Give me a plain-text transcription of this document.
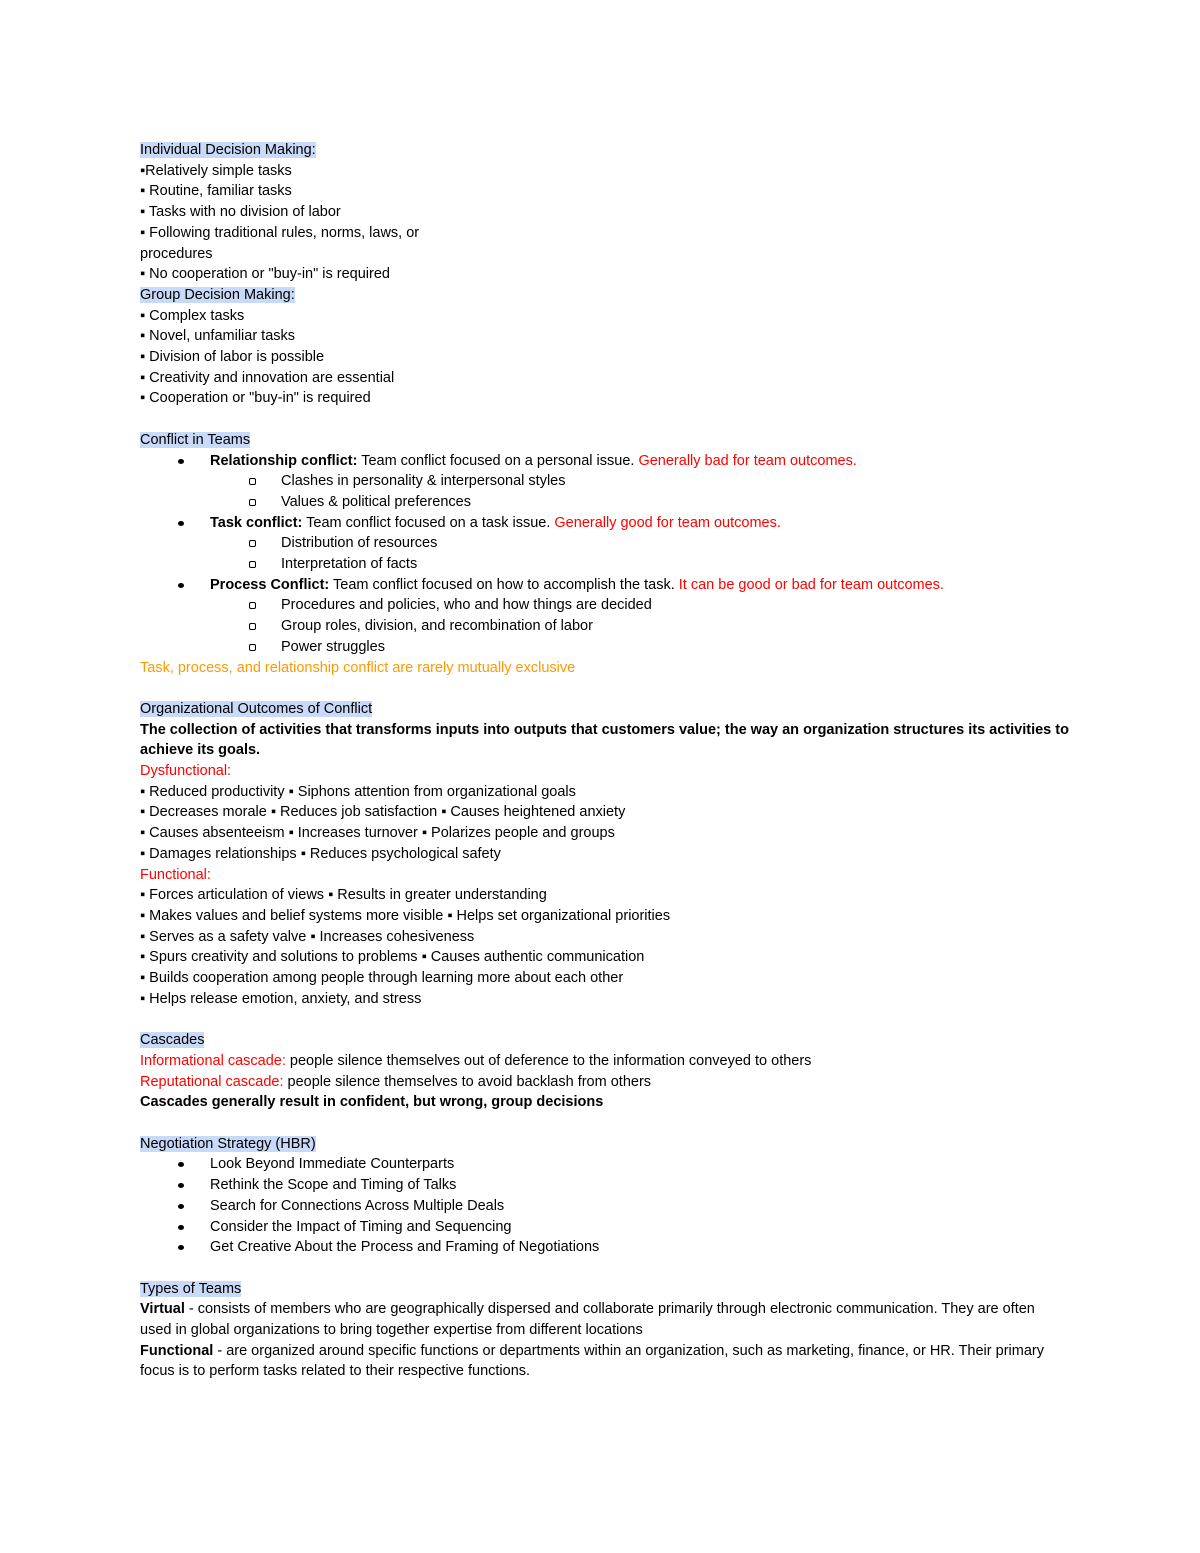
Individual Decision Making:
▪Relatively simple tasks
▪ Routine, familiar tasks
▪ Tasks with no division of labor
▪ Following traditional rules, norms, laws, or
procedures
▪ No cooperation or "buy-in" is required
Group Decision Making:
▪ Complex tasks
▪ Novel, unfamiliar tasks
▪ Division of labor is possible
▪ Creativity and innovation are essential
▪ Cooperation or "buy-in" is required
Conflict in Teams
Relationship conflict: Team conflict focused on a personal issue. Generally bad for team outcomes.
Clashes in personality & interpersonal styles
Values & political preferences
Task conflict: Team conflict focused on a task issue. Generally good for team outcomes.
Distribution of resources
Interpretation of facts
Process Conflict: Team conflict focused on how to accomplish the task. It can be good or bad for team outcomes.
Procedures and policies, who and how things are decided
Group roles, division, and recombination of labor
Power struggles
Task, process, and relationship conflict are rarely mutually exclusive
Organizational Outcomes of Conflict
The collection of activities that transforms inputs into outputs that customers value; the way an organization structures its activities to achieve its goals.
Dysfunctional:
▪ Reduced productivity ▪ Siphons attention from organizational goals
▪ Decreases morale ▪ Reduces job satisfaction ▪ Causes heightened anxiety
▪ Causes absenteeism ▪ Increases turnover ▪ Polarizes people and groups
▪ Damages relationships ▪ Reduces psychological safety
Functional:
▪ Forces articulation of views ▪ Results in greater understanding
▪ Makes values and belief systems more visible ▪ Helps set organizational priorities
▪ Serves as a safety valve ▪ Increases cohesiveness
▪ Spurs creativity and solutions to problems ▪ Causes authentic communication
▪ Builds cooperation among people through learning more about each other
▪ Helps release emotion, anxiety, and stress
Cascades
Informational cascade: people silence themselves out of deference to the information conveyed to others
Reputational cascade: people silence themselves to avoid backlash from others
Cascades generally result in confident, but wrong, group decisions
Negotiation Strategy (HBR)
Look Beyond Immediate Counterparts
Rethink the Scope and Timing of Talks
Search for Connections Across Multiple Deals
Consider the Impact of Timing and Sequencing
Get Creative About the Process and Framing of Negotiations
Types of Teams
Virtual - consists of members who are geographically dispersed and collaborate primarily through electronic communication. They are often used in global organizations to bring together expertise from different locations
Functional - are organized around specific functions or departments within an organization, such as marketing, finance, or HR. Their primary focus is to perform tasks related to their respective functions.
